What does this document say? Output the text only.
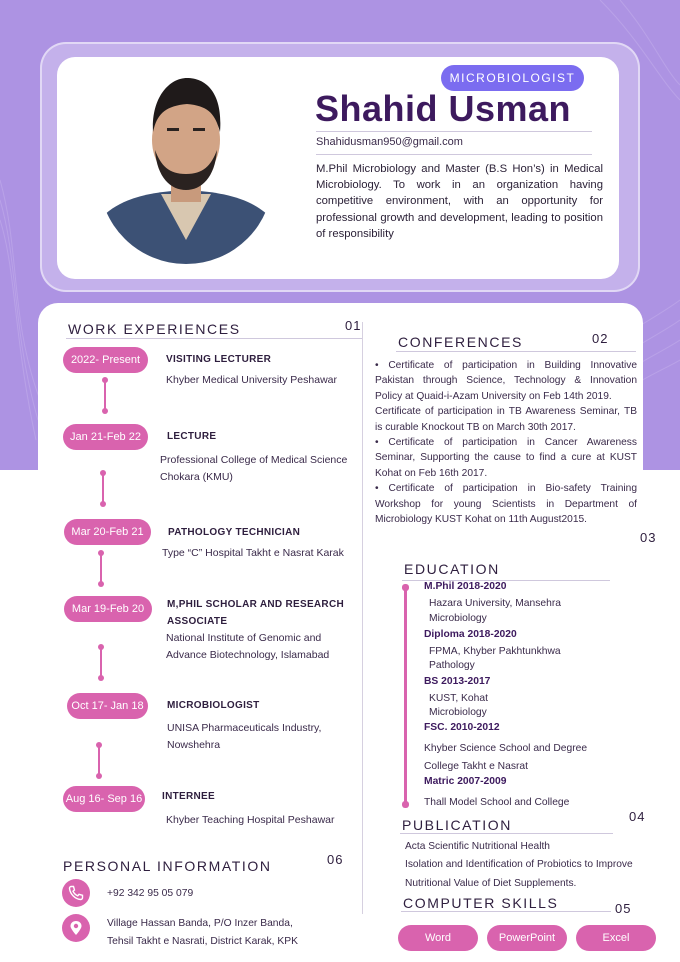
MICROBIOLOGIST
Shahid Usman
Shahidusman950@gmail.com
M.Phil Microbiology and Master (B.S Hon’s) in Medical Microbiology. To work in an organization having competitive environment, with an opportunity for professional growth and development, leading to position of responsibility
WORK EXPERIENCES	01
2022- Present	VISITING LECTURER
Khyber Medical University Peshawar
Jan 21-Feb 22	LECTURE
Professional College of Medical Science Chokara (KMU)
Mar 20-Feb 21	PATHOLOGY TECHNICIAN
Type “C” Hospital Takht e Nasrat Karak
Mar 19-Feb 20	M,PHIL SCHOLAR AND RESEARCH ASSOCIATE
National Institute of Genomic and Advance Biotechnology, Islamabad
Oct 17- Jan 18	MICROBIOLOGIST
UNISA Pharmaceuticals Industry, Nowshehra
Aug 16- Sep 16 INTERNEE
Khyber Teaching Hospital Peshawar
CONFERENCES	02

• Certificate of participation in Building Innovative Pakistan through Science, Technology & Innovation Policy at Quaid-i-Azam University on Feb 14th 2019.

Certificate of participation in TB Awareness Seminar, TB is curable Knockout TB on March 30th 2017.

• Certificate of participation in Cancer Awareness Seminar, Supporting the cause to find a cure at KUST Kohat on Feb 16th 2017.

• Certificate of participation in Bio-safety Training Workshop for young Scientists in Department of Microbiology KUST Kohat on 11th August2015.

03
EDUCATION
M.Phil 2018-2020
Hazara University, Mansehra
Microbiology
Diploma 2018-2020
FPMA, Khyber Pakhtunkhwa
Pathology
BS 2013-2017
KUST, Kohat
Microbiology
FSC. 2010-2012
Khyber Science School and Degree
College Takht e Nasrat
Matric 2007-2009
Thall Model School and College
04
PUBLICATION
Acta Scientific Nutritional Health
Isolation and Identification of Probiotics to Improve
Nutritional Value of Diet Supplements.
COMPUTER SKILLS	05
Word	PowerPoint	Excel
PERSONAL INFORMATION	06
+92 342 95 05 079
Village Hassan Banda, P/O Inzer Banda,
Tehsil Takht e Nasrati, District Karak, KPK
